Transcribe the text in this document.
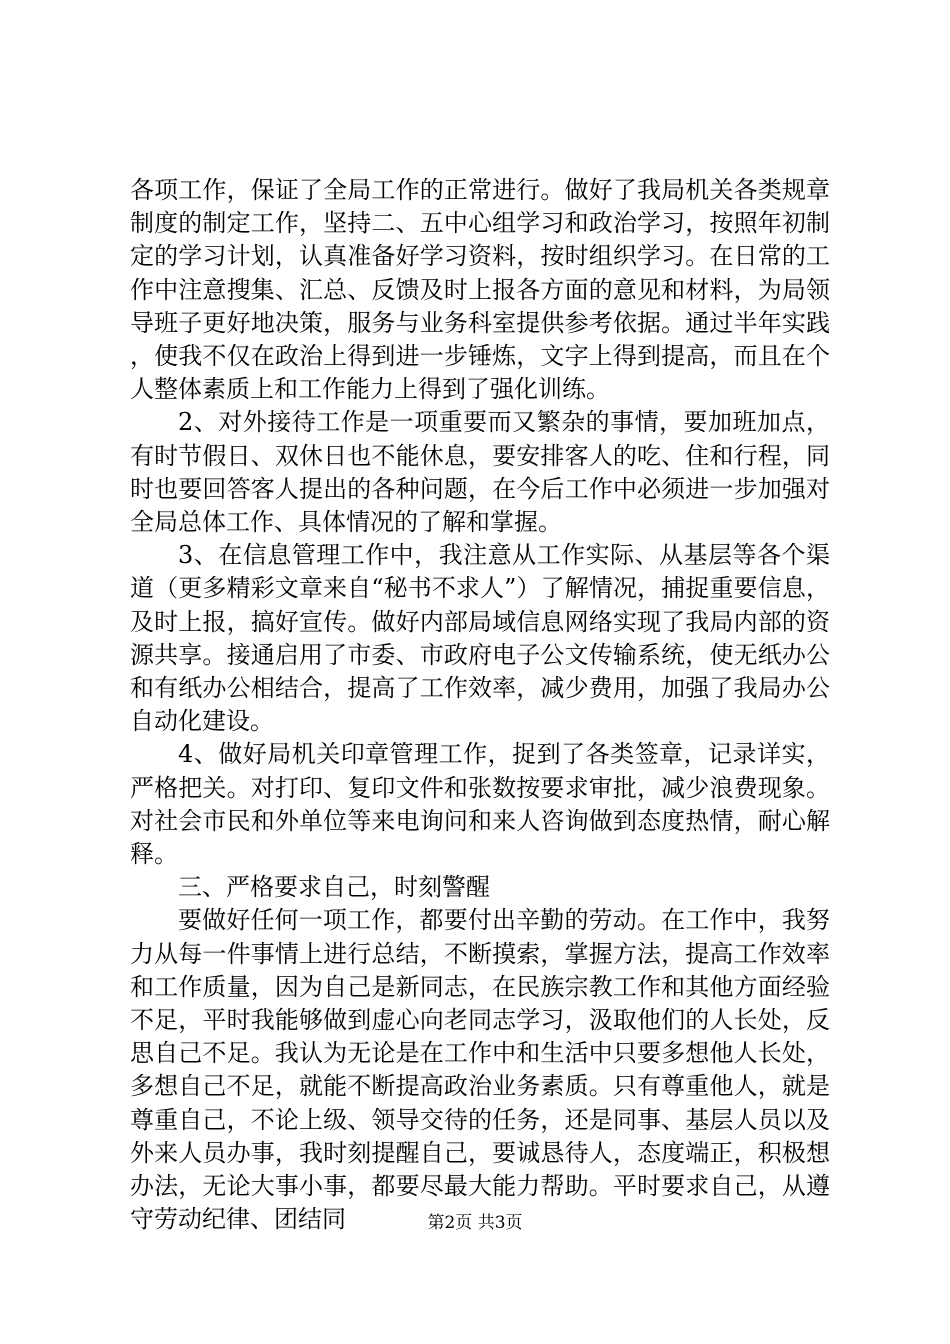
各项工作，保证了全局工作的正常进行。做好了我局机关各类规章制度的制定工作，坚持二、五中心组学习和政治学习，按照年初制定的学习计划，认真准备好学习资料，按时组织学习。在日常的工作中注意搜集、汇总、反馈及时上报各方面的意见和材料，为局领导班子更好地决策，服务与业务科室提供参考依据。通过半年实践，使我不仅在政治上得到进一步锤炼，文字上得到提高，而且在个人整体素质上和工作能力上得到了强化训练。

2、对外接待工作是一项重要而又繁杂的事情，要加班加点，有时节假日、双休日也不能休息，要安排客人的吃、住和行程，同时也要回答客人提出的各种问题，在今后工作中必须进一步加强对全局总体工作、具体情况的了解和掌握。

3、在信息管理工作中，我注意从工作实际、从基层等各个渠道（更多精彩文章来自“秘书不求人”）了解情况，捕捉重要信息，及时上报，搞好宣传。做好内部局域信息网络实现了我局内部的资源共享。接通启用了市委、市政府电子公文传输系统，使无纸办公和有纸办公相结合，提高了工作效率，减少费用，加强了我局办公自动化建设。

4、做好局机关印章管理工作，捉到了各类签章，记录详实，严格把关。对打印、复印文件和张数按要求审批，减少浪费现象。对社会市民和外单位等来电询问和来人咨询做到态度热情，耐心解释。

三、严格要求自己，时刻警醒

要做好任何一项工作，都要付出辛勤的劳动。在工作中，我努力从每一件事情上进行总结，不断摸索，掌握方法，提高工作效率和工作质量，因为自己是新同志，在民族宗教工作和其他方面经验不足，平时我能够做到虚心向老同志学习，汲取他们的人长处，反思自己不足。我认为无论是在工作中和生活中只要多想他人长处，多想自己不足，就能不断提高政治业务素质。只有尊重他人，就是尊重自己，不论上级、领导交待的任务，还是同事、基层人员以及外来人员办事，我时刻提醒自己，要诚恳待人，态度端正，积极想办法，无论大事小事，都要尽最大能力帮助。平时要求自己，从遵守劳动纪律、团结同	第2页 共3页
